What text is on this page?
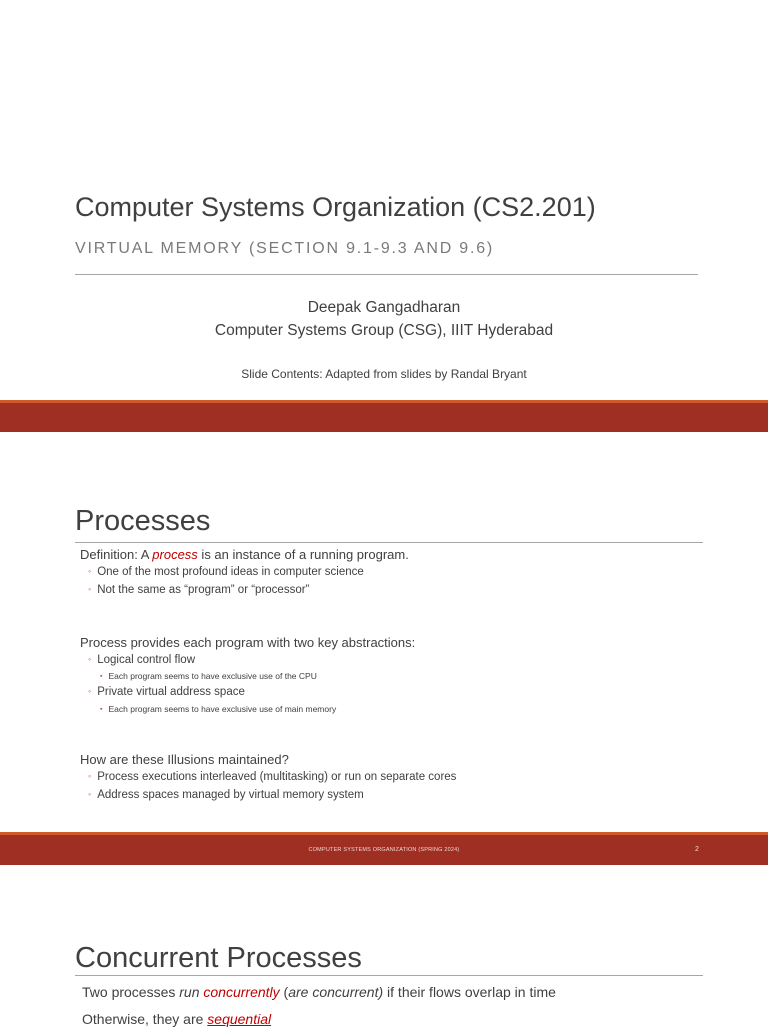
Computer Systems Organization (CS2.201)
VIRTUAL MEMORY (SECTION 9.1-9.3 AND 9.6)
Deepak Gangadharan
Computer Systems Group (CSG), IIIT Hyderabad
Slide Contents: Adapted from slides by Randal Bryant
Processes
Definition: A process is an instance of a running program.
◦ One of the most profound ideas in computer science
◦ Not the same as “program” or “processor”
Process provides each program with two key abstractions:
◦ Logical control flow
▪ Each program seems to have exclusive use of the CPU
◦ Private virtual address space
▪ Each program seems to have exclusive use of main memory
How are these Illusions maintained?
◦ Process executions interleaved (multitasking) or run on separate cores
◦ Address spaces managed by virtual memory system
COMPUTER SYSTEMS ORGANIZATION (SPRING 2024)	2
Concurrent Processes
Two processes run concurrently (are concurrent) if their flows overlap in time
Otherwise, they are sequential
